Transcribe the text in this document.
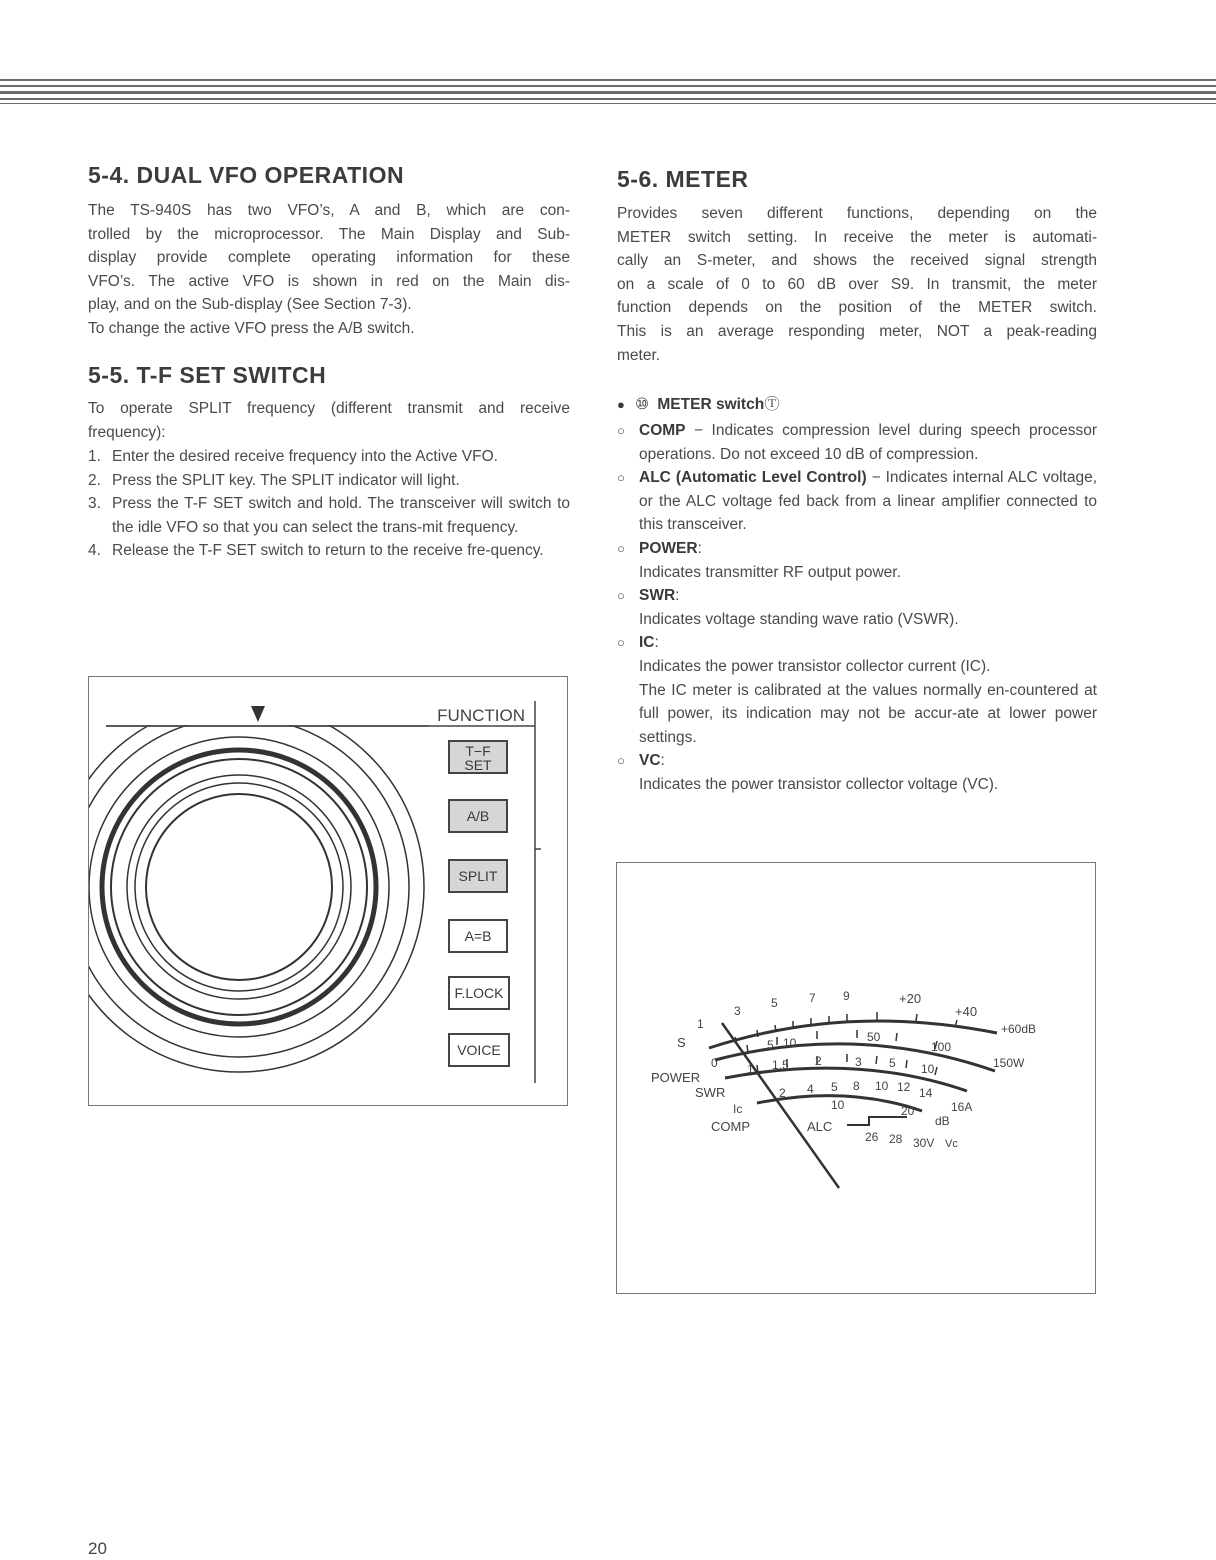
5-4. DUAL VFO OPERATION
The TS-940S has two VFO’s, A and B, which are con-
trolled by the microprocessor. The Main Display and Sub-
display provide complete operating information for these
VFO’s. The active VFO is shown in red on the Main dis-
play, and on the Sub-display (See Section 7-3).
To change the active VFO press the A/B switch.
5-5. T-F SET SWITCH
To operate SPLIT frequency (different transmit and receive
frequency):
1. Enter the desired receive frequency into the Active VFO.
2. Press the SPLIT key. The SPLIT indicator will light.
3. Press the T-F SET switch and hold. The transceiver will switch to the idle VFO so that you can select the trans-mit frequency.
4. Release the T-F SET switch to return to the receive fre-quency.
FUNCTION
T−F
SET
A/B
SPLIT
A=B
F.LOCK
VOICE
5-6. METER
Provides seven different functions, depending on the
METER switch setting. In receive the meter is automati-
cally an S-meter, and shows the received signal strength
on a scale of 0 to 60 dB over S9. In transmit, the meter
function depends on the position of the METER switch.
This is an average responding meter, NOT a peak-reading
meter.
● ⑩ METER switchⓉ
○ COMP − Indicates compression level during speech processor operations. Do not exceed 10 dB of compression.
○ ALC (Automatic Level Control) − Indicates internal ALC voltage, or the ALC voltage fed back from a linear amplifier connected to this transceiver.
○ POWER:
Indicates transmitter RF output power.
○ SWR:
Indicates voltage standing wave ratio (VSWR).
○ IC:
Indicates the power transistor collector current (IC).
The IC meter is calibrated at the values normally en-countered at full power, its indication may not be accur-ate at lower power settings.
○ VC:
Indicates the power transistor collector voltage (VC).
S
POWER
SWR
Ic
COMP	ALC
1
3
5	7 9	+20
+40
+60dB
0
5 10	50
100
150W
1 1.5 2	3 5 10
2 4 5 8 10 12 14
16A
10	20
dB
26 28 30V Vc
20
